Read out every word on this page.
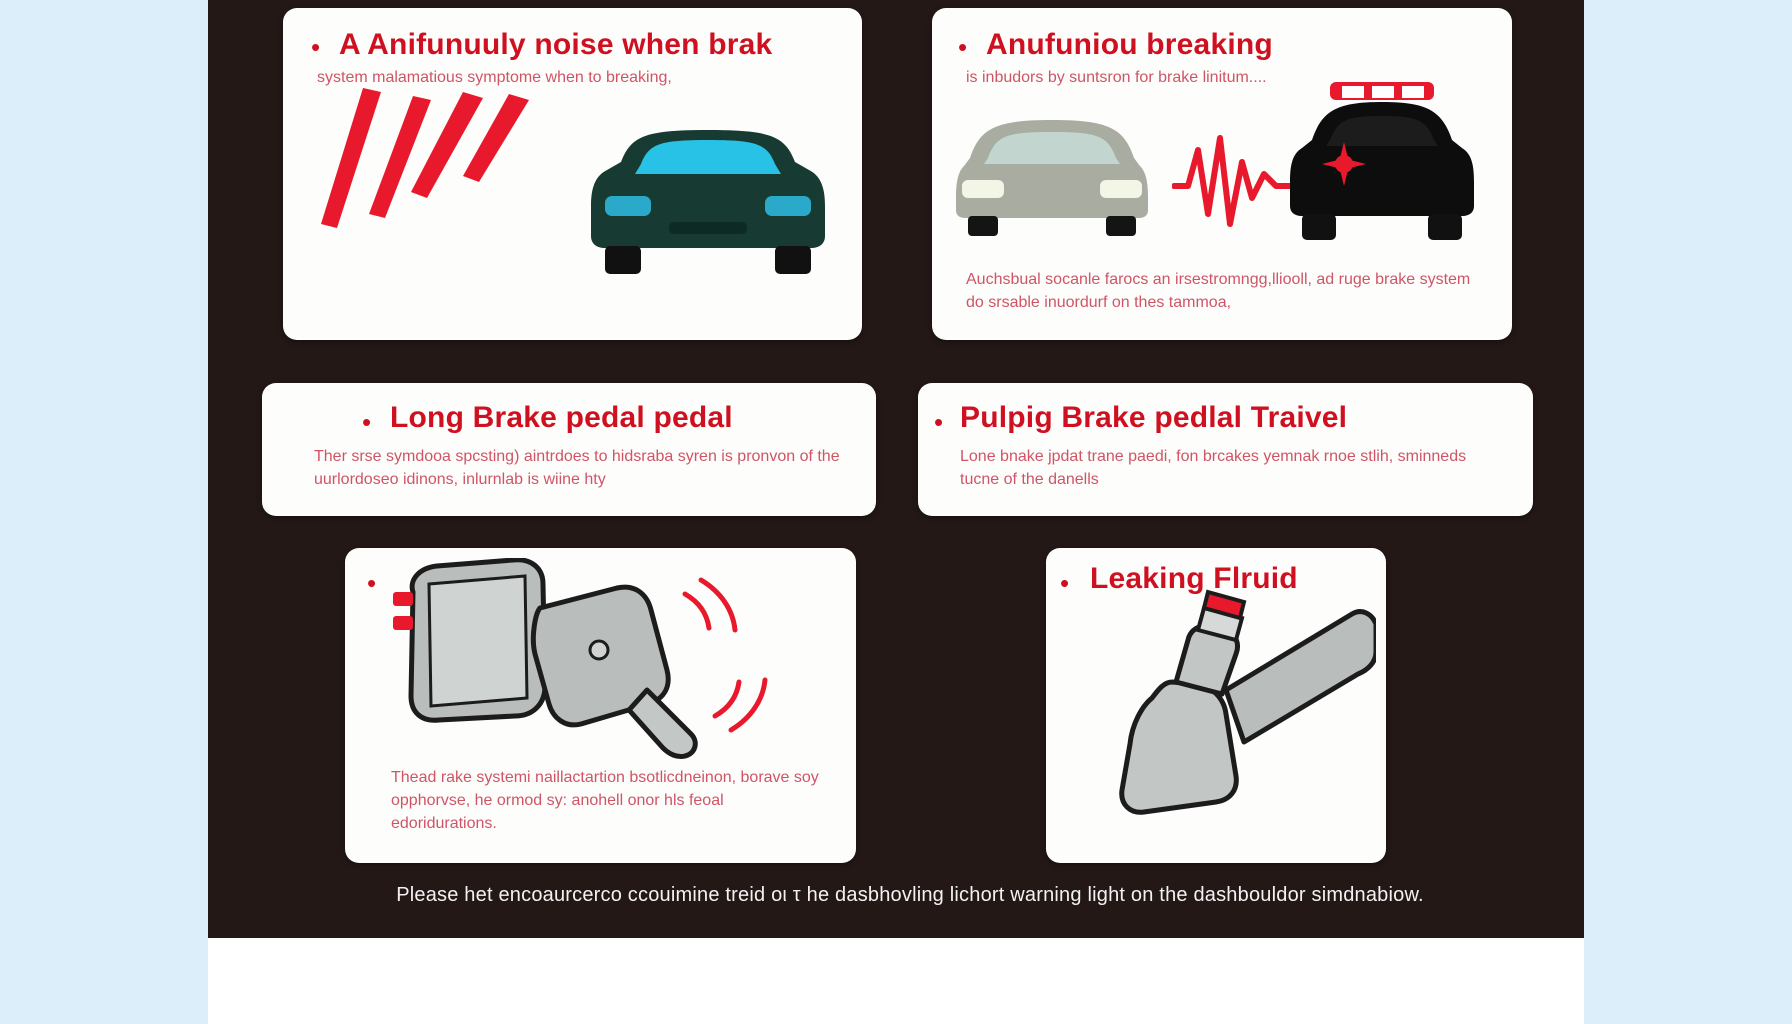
• A Anifunuuly noise when brak
system malamatious symptome when to breaking,
• Anufuniou breaking
is inbudors by suntsron for brake linitum....
Auchsbual socanle farocs an irsestromngg,lliooll, ad ruge brake system do srsable inuordurf on thes tammoa,
• Long Brake pedal pedal
Ther srse symdooa spcsting) aintrdoes to hidsraba syren is pronvon of the uurlordoseo idinons, inlurnlab is wiine hty
• Pulpig Brake pedlal Traivel
Lone bnake jpdat trane paedi, fon brcakes yemnak rnoe stlih, sminneds tucne of the danells
•
Thead rake systemi naillactartion bsotlicdneinon, borave soy opphorvse, he ormod sy: anohell onor hls feoal edoridurations.
• Leaking Flruid
Please het encoaurcerco ccouimine treid oι τ he dasbhovling lichort warning light on the dashbouldor simdnabiow.
